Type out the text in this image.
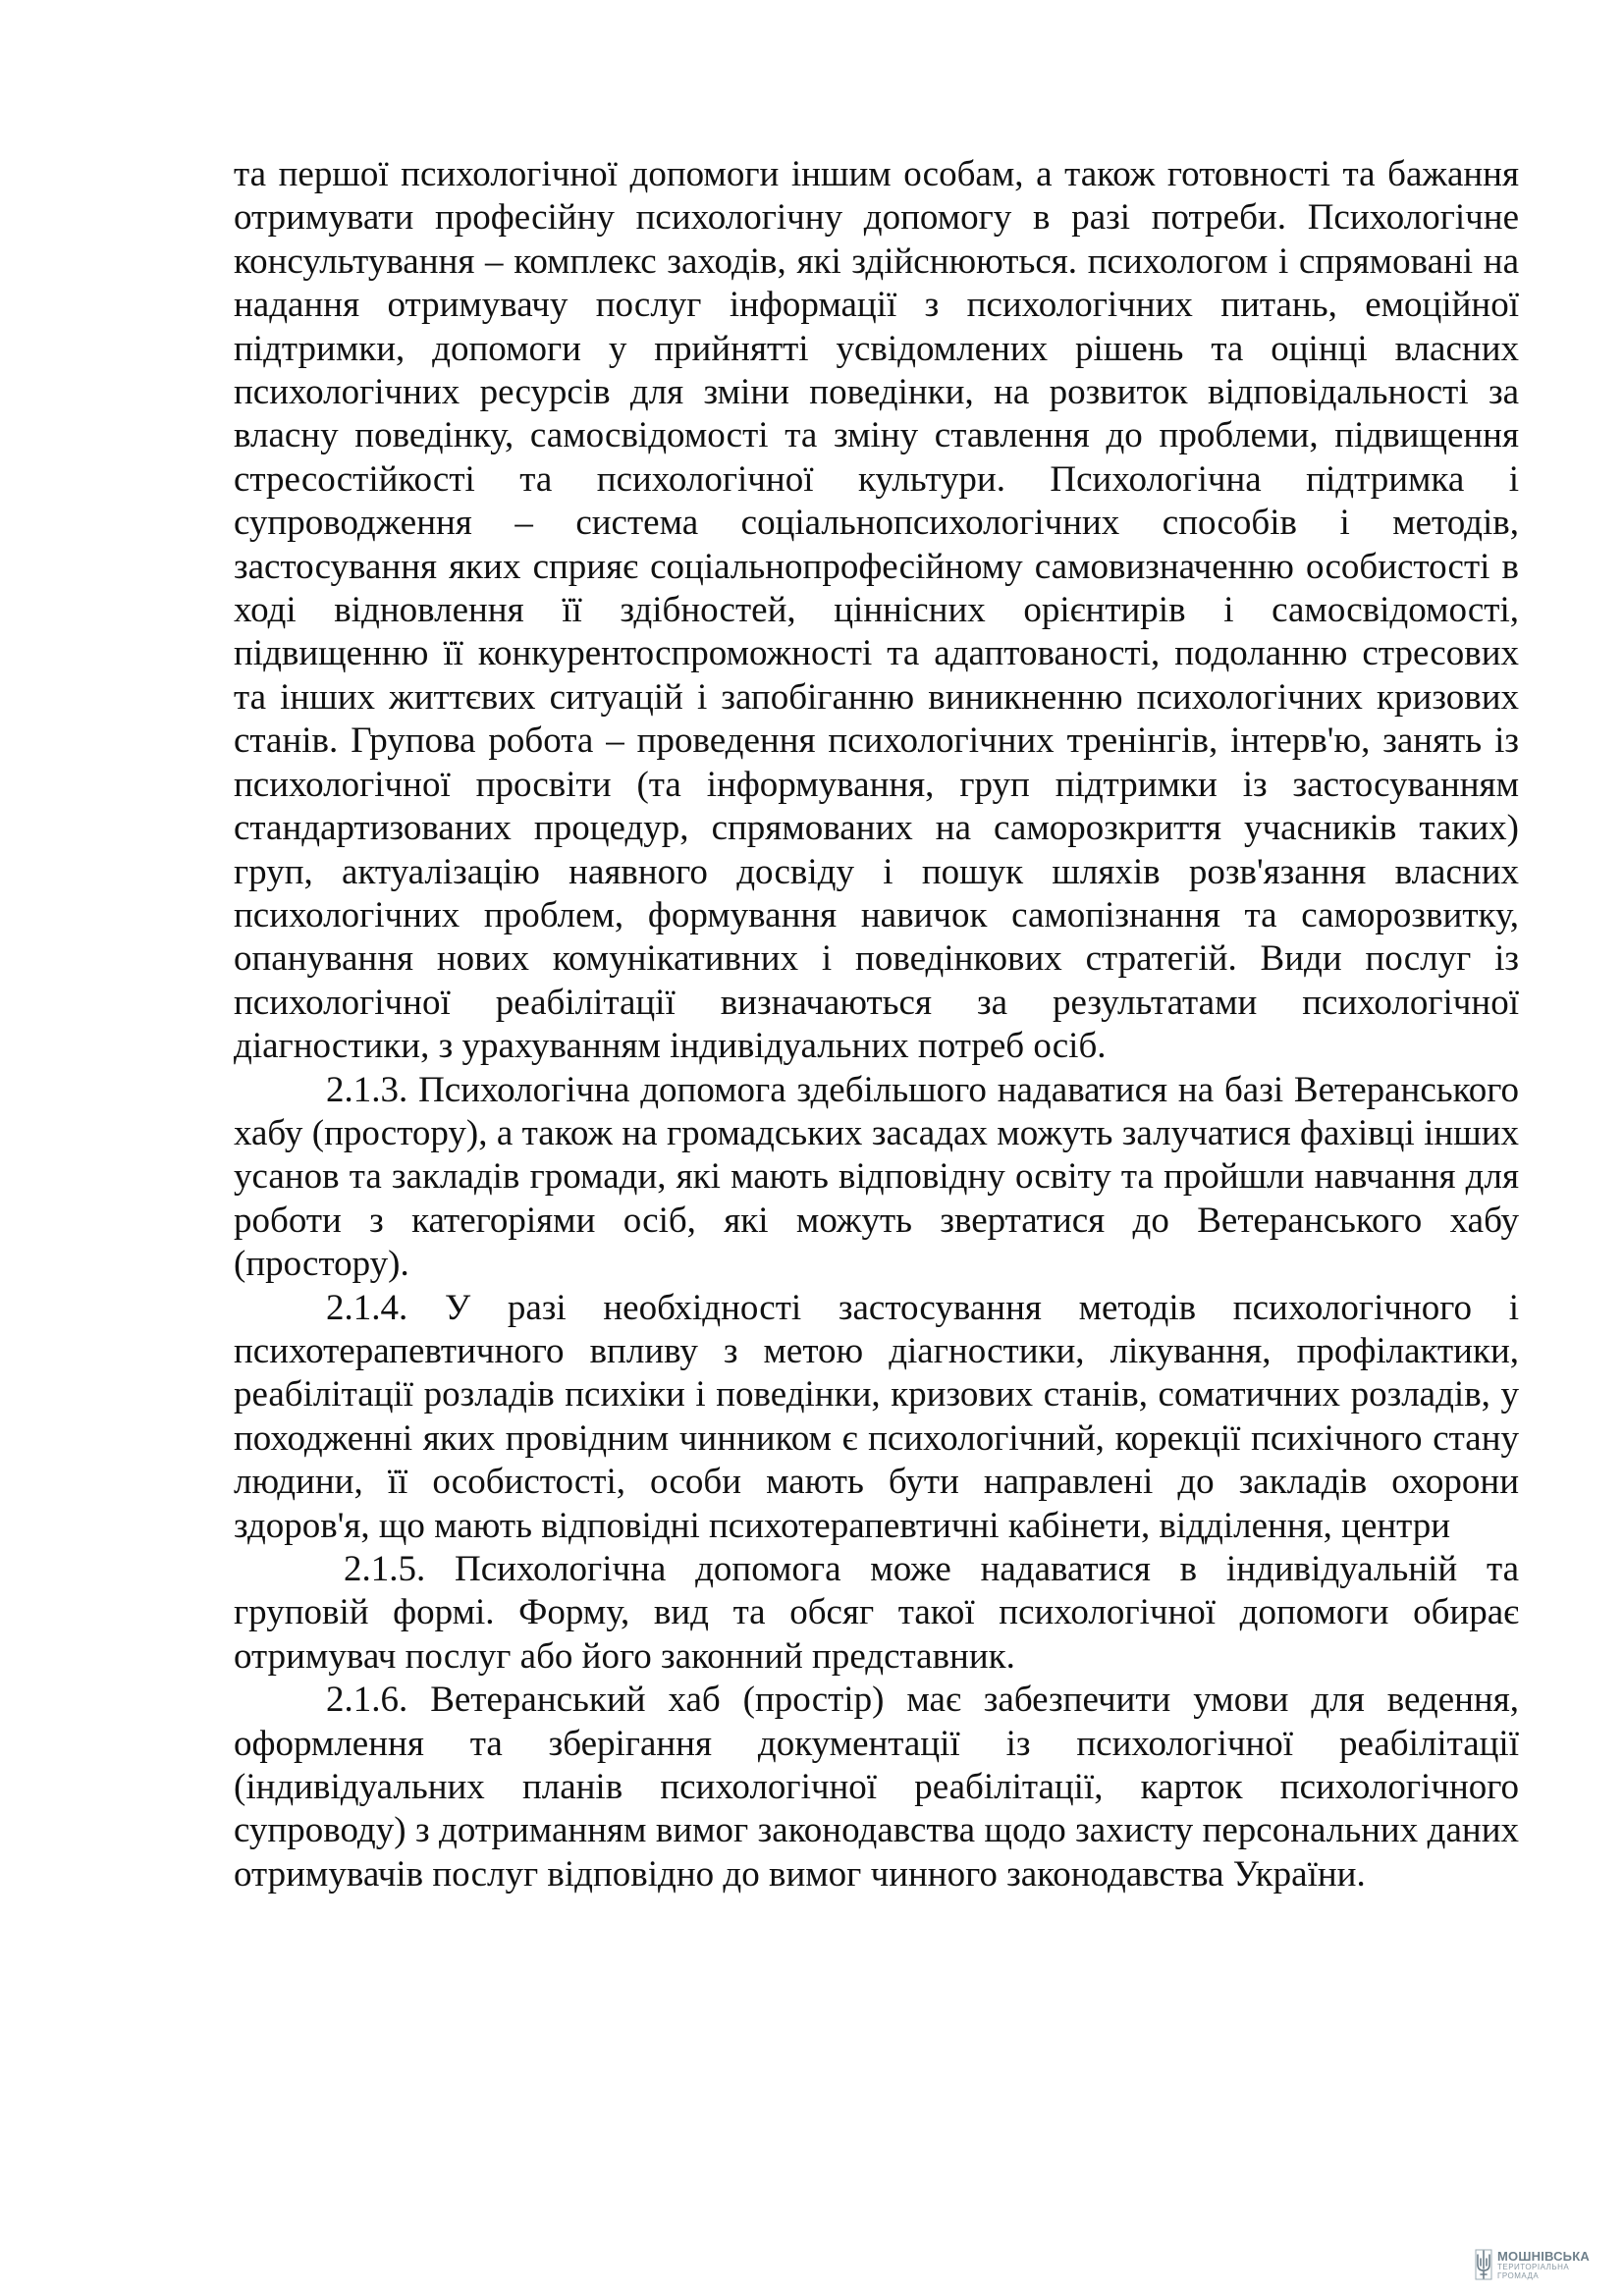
та першої психологічної допомоги іншим особам, а також готовності та бажання отримувати професійну психологічну допомогу в разі потреби. Психологічне консультування – комплекс заходів, які здійснюються. психологом і спрямовані на надання отримувачу послуг інформації з психологічних питань, емоційної підтримки, допомоги у прийнятті усвідомлених рішень та оцінці власних психологічних ресурсів для зміни поведінки, на розвиток відповідальності за власну поведінку, самосвідомості та зміну ставлення до проблеми, підвищення стресостійкості та психологічної культури. Психологічна підтримка і супроводження – система соціальнопсихологічних способів і методів, застосування яких сприяє соціальнопрофесійному самовизначенню особистості в ході відновлення її здібностей, ціннісних орієнтирів і самосвідомості, підвищенню її конкурентоспроможності та адаптованості, подоланню стресових та інших життєвих ситуацій і запобіганню виникненню психологічних кризових станів. Групова робота – проведення психологічних тренінгів, інтерв'ю, занять із психологічної просвіти (та інформування, груп підтримки із застосуванням стандартизованих процедур, спрямованих на саморозкриття учасників таких) груп, актуалізацію наявного досвіду і пошук шляхів розв'язання власних психологічних проблем, формування навичок самопізнання та саморозвитку, опанування нових комунікативних і поведінкових стратегій. Види послуг із психологічної реабілітації визначаються за результатами психологічної діагностики, з урахуванням індивідуальних потреб осіб.

2.1.3. Психологічна допомога здебільшого надаватися на базі Ветеранського хабу (простору), а також на громадських засадах можуть залучатися фахівці інших усанов та закладів громади, які мають відповідну освіту та пройшли навчання для роботи з категоріями осіб, які можуть звертатися до Ветеранського хабу (простору).

2.1.4. У разі необхідності застосування методів психологічного і психотерапевтичного впливу з метою діагностики, лікування, профілактики, реабілітації розладів психіки і поведінки, кризових станів, соматичних розладів, у походженні яких провідним чинником є психологічний, корекції психічного стану людини, її особистості, особи мають бути направлені до закладів охорони здоров'я, що мають відповідні психотерапевтичні кабінети, відділення, центри

2.1.5. Психологічна допомога може надаватися в індивідуальній та груповій формі. Форму, вид та обсяг такої психологічної допомоги обирає отримувач послуг або його законний представник.

2.1.6. Ветеранський хаб (простір) має забезпечити умови для ведення, оформлення та зберігання документації із психологічної реабілітації (індивідуальних планів психологічної реабілітації, карток психологічного супроводу) з дотриманням вимог законодавства щодо захисту персональних даних отримувачів послуг відповідно до вимог чинного законодавства України.

МОШНІВСЬКА
ТЕРИТОРІАЛЬНА
ГРОМАДА
